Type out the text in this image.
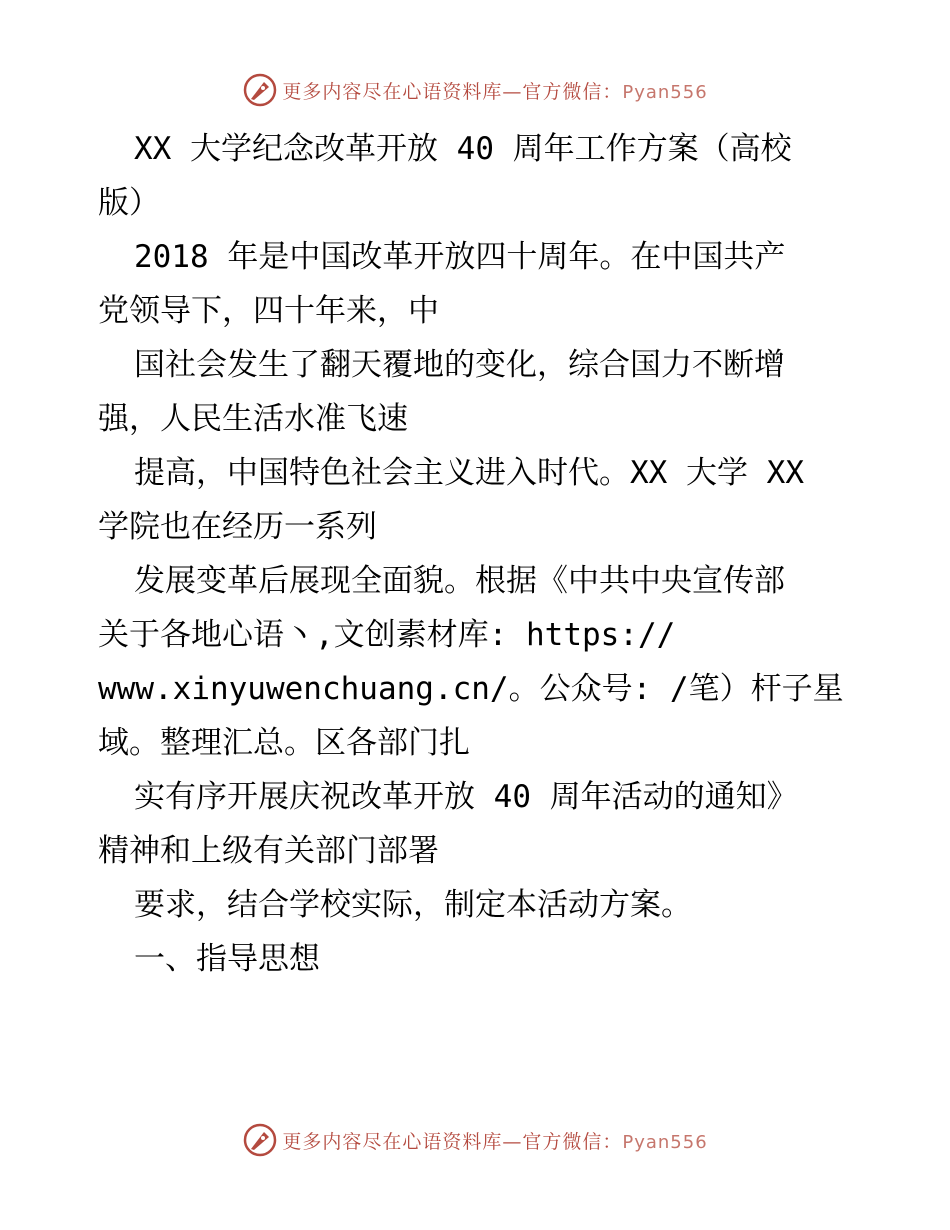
更多内容尽在心语资料库—官方微信：Pyan556

XX 大学纪念改革开放 40 周年工作方案（高校

版）

2018 年是中国改革开放四十周年。在中国共产

党领导下，四十年来，中

国社会发生了翻天覆地的变化，综合国力不断增

强，人民生活水准飞速

提高，中国特色社会主义进入时代。XX 大学 XX

学院也在经历一系列

发展变革后展现全面貌。根据《中共中央宣传部

关于各地心语丶,文创素材库: https://

www.xinyuwenchuang.cn/。公众号: /笔）杆子星

域。整理汇总。区各部门扎

实有序开展庆祝改革开放 40 周年活动的通知》

精神和上级有关部门部署

要求，结合学校实际，制定本活动方案。

一、指导思想

更多内容尽在心语资料库—官方微信：Pyan556
